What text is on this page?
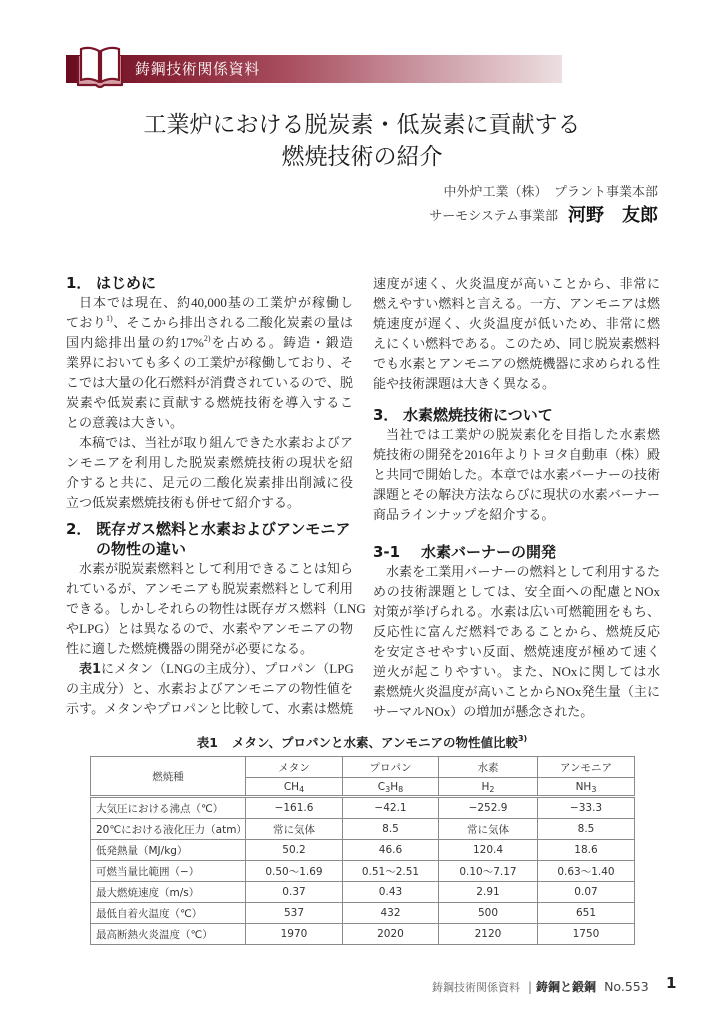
鋳鋼技術関係資料
工業炉における脱炭素・低炭素に貢献する
燃焼技術の紹介
中外炉工業（株）　プラント事業本部
サーモシステム事業部 河野　友郎
1． はじめに
日本では現在、約40,000基の工業炉が稼働し
ており$^{1)}$、そこから排出される二酸化炭素の量は
国内総排出量の約17%$^{2)}$を占める。鋳造・鍛造
業界においても多くの工業炉が稼働しており、そ
こでは大量の化石燃料が消費されているので、脱
炭素や低炭素に貢献する燃焼技術を導入するこ
との意義は大きい。
本稿では、当社が取り組んできた水素およびア
ンモニアを利用した脱炭素燃焼技術の現状を紹
介すると共に、足元の二酸化炭素排出削減に役
立つ低炭素燃焼技術も併せて紹介する。
2． 既存ガス燃料と水素およびアンモニア
の物性の違い
水素が脱炭素燃料として利用できることは知ら
れているが、アンモニアも脱炭素燃料として利用
できる。しかしそれらの物性は既存ガス燃料（LNG
やLPG）とは異なるので、水素やアンモニアの物
性に適した燃焼機器の開発が必要になる。
表1にメタン（LNGの主成分）、プロパン（LPG
の主成分）と、水素およびアンモニアの物性値を
示す。メタンやプロパンと比較して、水素は燃焼
速度が速く、火炎温度が高いことから、非常に
燃えやすい燃料と言える。一方、アンモニアは燃
焼速度が遅く、火炎温度が低いため、非常に燃
えにくい燃料である。このため、同じ脱炭素燃料
でも水素とアンモニアの燃焼機器に求められる性
能や技術課題は大きく異なる。
3． 水素燃焼技術について
当社では工業炉の脱炭素化を目指した水素燃
焼技術の開発を2016年よりトヨタ自動車（株）殿
と共同で開始した。本章では水素バーナーの技術
課題とその解決方法ならびに現状の水素バーナー
商品ラインナップを紹介する。
3-1 水素バーナーの開発
水素を工業用バーナーの燃料として利用するた
めの技術課題としては、安全面への配慮とNOx
対策が挙げられる。水素は広い可燃範囲をもち、
反応性に富んだ燃料であることから、燃焼反応
を安定させやすい反面、燃焼速度が極めて速く
逆火が起こりやすい。また、NOxに関しては水
素燃焼火炎温度が高いことからNOx発生量（主に
サーマルNOx）の増加が懸念された。
表1 メタン、プロパンと水素、アンモニアの物性値比較$^{3)}$
燃焼種	メタン	プロパン	水素	アンモニア
	$CH_4$	$C_3H_8$	$H_2$	$NH_3$
大気圧における沸点（℃）	−161.6	−42.1	−252.9	−33.3
20℃における液化圧力（atm）	常に気体	8.5	常に気体	8.5
低発熱量（MJ/kg）	50.2	46.6	120.4	18.6
可燃当量比範囲（−）	0.50〜1.69	0.51〜2.51	0.10〜7.17	0.63〜1.40
最大燃焼速度（m/s）	0.37	0.43	2.91	0.07
最低自着火温度（℃）	537	432	500	651
最高断熱火炎温度（℃）	1970	2020	2120	1750
鋳鋼技術関係資料 | 鋳鋼と鍛鋼 No.553 1
